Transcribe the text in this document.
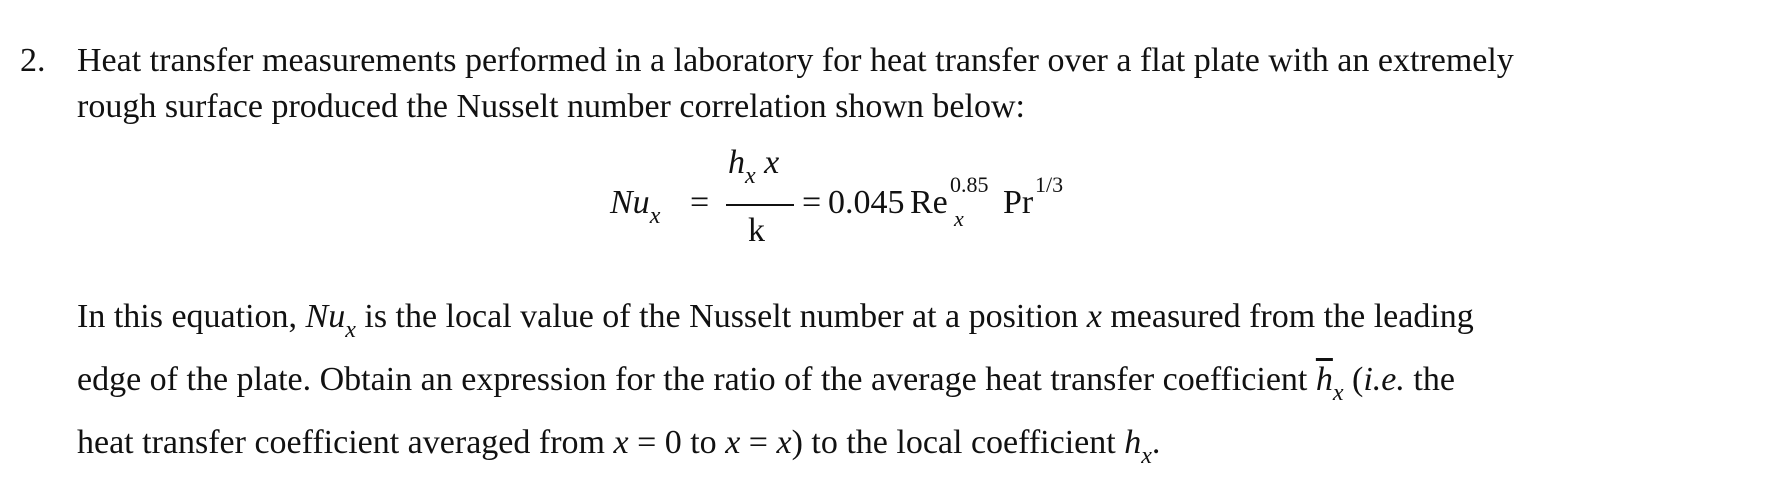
2. Heat transfer measurements performed in a laboratory for heat transfer over a flat plate with an extremely
rough surface produced the Nusselt number correlation shown below:
$Nu_x$ =
$h_x$ x
k
= 0.045 Re 0.85
x Pr 1/3
In this equation, $Nu_x$ is the local value of the Nusselt number at a position x measured from the leading
edge of the plate. Obtain an expression for the ratio of the average heat transfer coefficient $\overline{h}_x$ (i.e. the
heat transfer coefficient averaged from x = 0 to x = x) to the local coefficient $h_x$.
